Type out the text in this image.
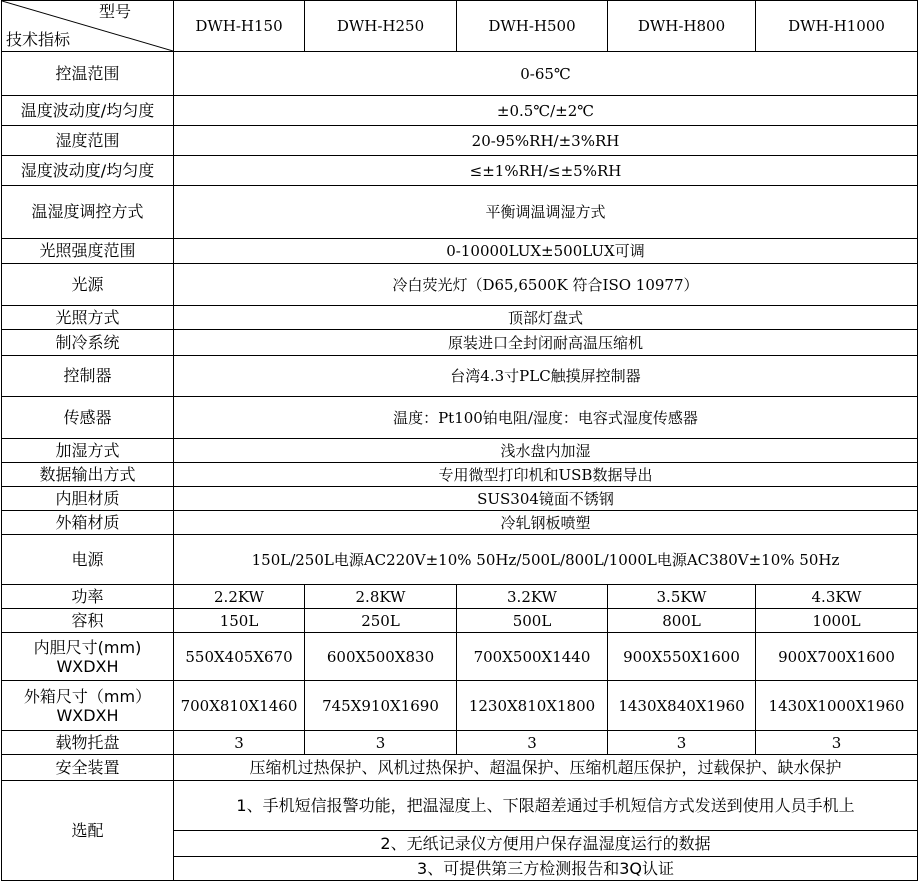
型号
技术指标	DWH-H150	DWH-H250	DWH-H500	DWH-H800	DWH-H1000
控温范围	0-65℃				
温度波动度/均匀度	±0.5℃/±2℃				
湿度范围	20-95%RH/±3%RH				
湿度波动度/均匀度	≤±1%RH/≤±5%RH				
温湿度调控方式	平衡调温调湿方式				
光照强度范围	0-10000LUX±500LUX可调				
光源	冷白荧光灯（D65,6500K 符合ISO 10977）				
光照方式	顶部灯盘式				
制冷系统	原装进口全封闭耐高温压缩机				
控制器	台湾4.3寸PLC触摸屏控制器				
传感器	温度：Pt100铂电阻/湿度：电容式湿度传感器				
加湿方式	浅水盘内加湿				
数据输出方式	专用微型打印机和USB数据导出				
内胆材质	SUS304镜面不锈钢				
外箱材质	冷轧钢板喷塑				
电源	150L/250L电源AC220V±10% 50Hz/500L/800L/1000L电源AC380V±10% 50Hz				
功率	2.2KW	2.8KW	3.2KW	3.5KW	4.3KW
容积	150L	250L	500L	800L	1000L

内胆尺寸(mm)
WXDXH	550X405X670	600X500X830	700X500X1440	900X550X1600	900X700X1600

外箱尺寸（mm）
WXDXH	700X810X1460	745X910X1690	1230X810X1800	1430X840X1960	1430X1000X1960
载物托盘	3	3	3	3	3
安全装置	压缩机过热保护、风机过热保护、超温保护、压缩机超压保护，过载保护、缺水保护				
选配	1、手机短信报警功能，把温湿度上、下限超差通过手机短信方式发送到使用人员手机上				
	2、无纸记录仪方便用户保存温湿度运行的数据				
	3、可提供第三方检测报告和3Q认证				
